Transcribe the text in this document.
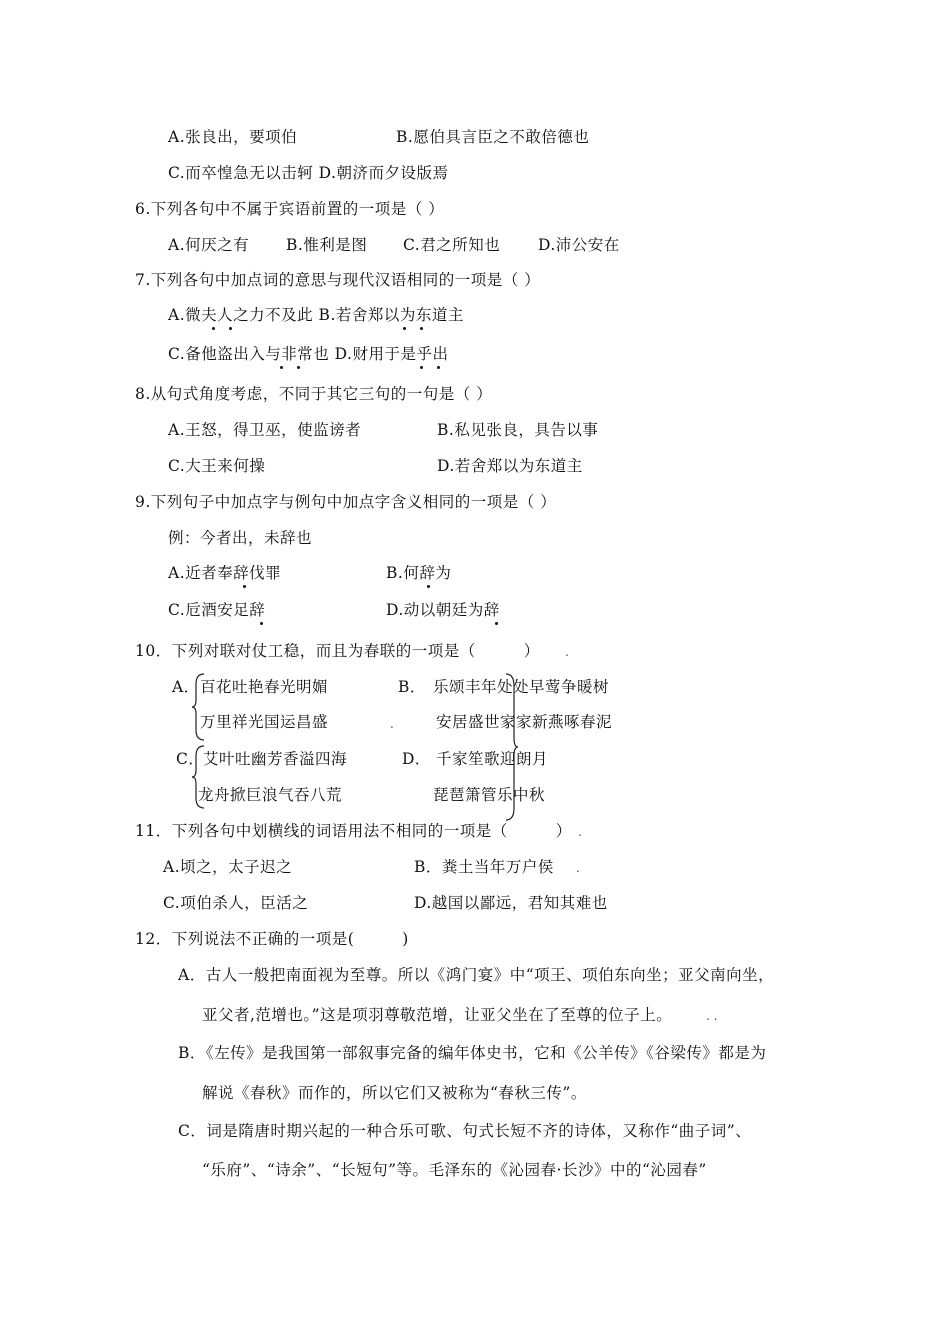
A.张良出，要项伯	B.愿伯具言臣之不敢倍德也
C.而卒惶急无以击轲 D.朝济而夕设版焉
6.下列各句中不属于宾语前置的一项是（ ）
A.何厌之有 B.惟利是图 C.君之所知也 D.沛公安在
7.下列各句中加点词的意思与现代汉语相同的一项是（ ）
A.微夫人之力不及此 B.若舍郑以为东道主
C.备他盗出入与非常也 D.财用于是乎出
8.从句式角度考虑，不同于其它三句的一句是（ ）
A.王怒，得卫巫，使监谤者	B.私见张良，具告以事
C.大王来何操	D.若舍郑以为东道主
9.下列句子中加点字与例句中加点字含义相同的一项是（ ）
例：今者出，未辞也
A.近者奉辞伐罪	B.何辞为
C.卮酒安足辞	D.动以朝廷为辞
10．下列对联对仗工稳，而且为春联的一项是（　　　） .
A． 百花吐艳春光明媚
万里祥光国运昌盛	.
B． 乐颂丰年处处早莺争暖树
安居盛世家家新燕啄春泥
C．
艾叶吐幽芳香溢四海
龙舟掀巨浪气吞八荒
D． 千家笙歌迎朗月
琵琶箫管乐中秋
11．下列各句中划横线的词语用法不相同的一项是（　　　） .
A.顷之，太子迟之	B．粪土当年万户侯 .
C.项伯杀人，臣活之	D.越国以鄙远，君知其难也
12．下列说法不正确的一项是(　　　)
A．古人一般把南面视为至尊。所以《鸿门宴》中“项王、项伯东向坐；亚父南向坐，
亚父者,范增也。”这是项羽尊敬范增，让亚父坐在了至尊的位子上。	. .
B．《左传》是我国第一部叙事完备的编年体史书，它和《公羊传》《谷梁传》都是为
解说《春秋》而作的，所以它们又被称为“春秋三传”。
C．词是隋唐时期兴起的一种合乐可歌、句式长短不齐的诗体，又称作“曲子词”、
“乐府”、“诗余”、“长短句”等。毛泽东的《沁园春·长沙》中的“沁园春”
